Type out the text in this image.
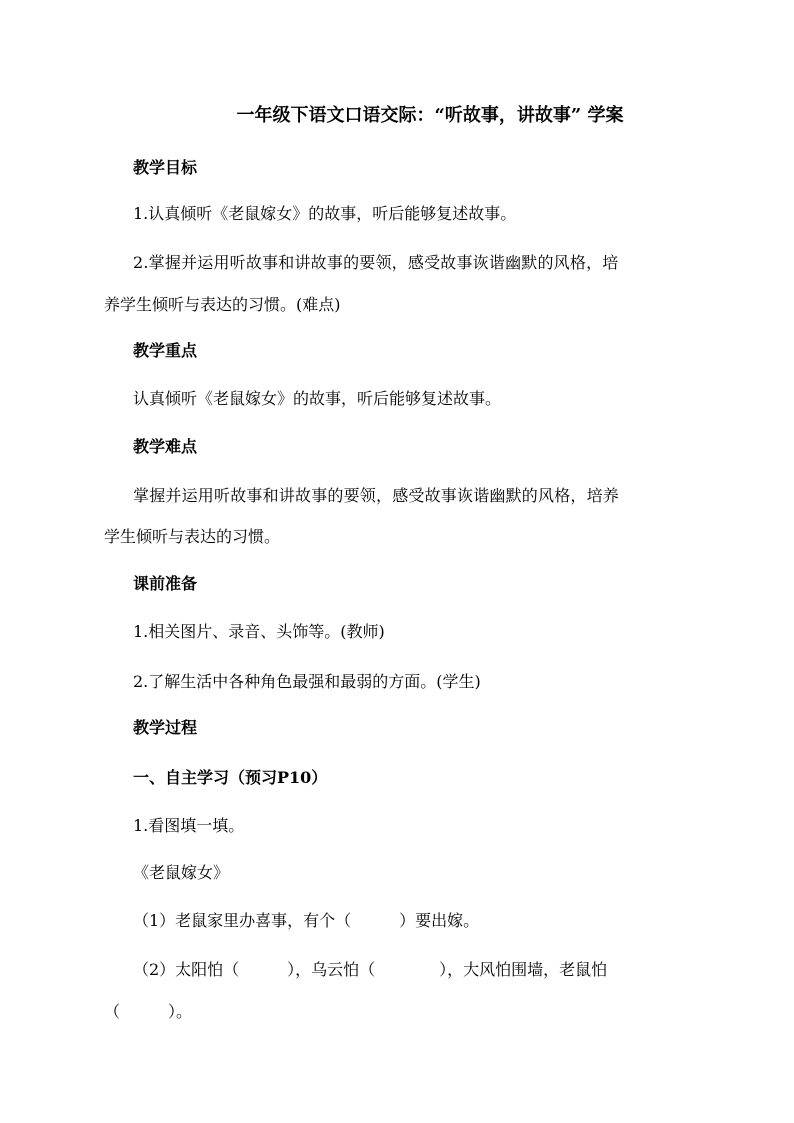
一年级下语文口语交际：“听故事，讲故事” 学案
教学目标
1.认真倾听《老鼠嫁女》的故事，听后能够复述故事。
2.掌握并运用听故事和讲故事的要领，感受故事诙谐幽默的风格，培
养学生倾听与表达的习惯。(难点)
教学重点
认真倾听《老鼠嫁女》的故事，听后能够复述故事。
教学难点
掌握并运用听故事和讲故事的要领，感受故事诙谐幽默的风格，培养
学生倾听与表达的习惯。
课前准备
1.相关图片、录音、头饰等。(教师)
2.了解生活中各种角色最强和最弱的方面。(学生)
教学过程
一、自主学习（预习P10）
1.看图填一填。
《老鼠嫁女》
（1）老鼠家里办喜事，有个（　　　）要出嫁。
（2）太阳怕（　　　），乌云怕（　　　　），大风怕围墙，老鼠怕
（　　　）。
